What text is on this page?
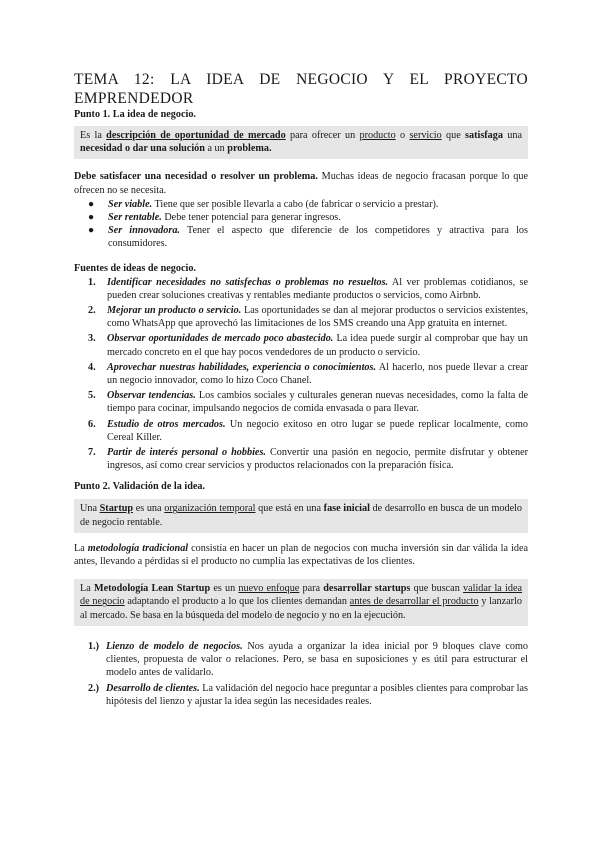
TEMA 12: LA IDEA DE NEGOCIO Y EL PROYECTO
EMPRENDEDOR

Punto 1. La idea de negocio.

Es la descripción de oportunidad de mercado para ofrecer un producto o servicio que satisfaga una necesidad o dar una solución a un problema.

Debe satisfacer una necesidad o resolver un problema. Muchas ideas de negocio fracasan porque lo que ofrecen no se necesita.

● Ser viable. Tiene que ser posible llevarla a cabo (de fabricar o servicio a prestar).
● Ser rentable. Debe tener potencial para generar ingresos.
● Ser innovadora. Tener el aspecto que diferencie de los competidores y atractiva para los consumidores.

Fuentes de ideas de negocio.

1. Identificar necesidades no satisfechas o problemas no resueltos. Al ver problemas cotidianos, se pueden crear soluciones creativas y rentables mediante productos o servicios, como Airbnb.
2. Mejorar un producto o servicio. Las oportunidades se dan al mejorar productos o servicios existentes, como WhatsApp que aprovechó las limitaciones de los SMS creando una App gratuita en internet.
3. Observar oportunidades de mercado poco abastecido. La idea puede surgir al comprobar que hay un mercado concreto en el que hay pocos vendedores de un producto o servicio.
4. Aprovechar nuestras habilidades, experiencia o conocimientos. Al hacerlo, nos puede llevar a crear un negocio innovador, como lo hizo Coco Chanel.
5. Observar tendencias. Los cambios sociales y culturales generan nuevas necesidades, como la falta de tiempo para cocinar, impulsando negocios de comida envasada o para llevar.
6. Estudio de otros mercados. Un negocio exitoso en otro lugar se puede replicar localmente, como Cereal Killer.
7. Partir de interés personal o hobbies. Convertir una pasión en negocio, permite disfrutar y obtener ingresos, así como crear servicios y productos relacionados con la preparación física.

Punto 2. Validación de la idea.

Una Startup es una organización temporal que está en una fase inicial de desarrollo en busca de un modelo de negocio rentable.

La metodología tradicional consistía en hacer un plan de negocios con mucha inversión sin dar válida la idea antes, llevando a pérdidas si el producto no cumplía las expectativas de los clientes.

La Metodología Lean Startup es un nuevo enfoque para desarrollar startups que buscan validar la idea de negocio adaptando el producto a lo que los clientes demandan antes de desarrollar el producto y lanzarlo al mercado. Se basa en la búsqueda del modelo de negocio y no en la ejecución.
1.) Lienzo de modelo de negocios. Nos ayuda a organizar la idea inicial por 9 bloques clave como clientes, propuesta de valor o relaciones. Pero, se basa en suposiciones y es útil para estructurar el modelo antes de validarlo.
2.) Desarrollo de clientes. La validación del negocio hace preguntar a posibles clientes para comprobar las hipótesis del lienzo y ajustar la idea según las necesidades reales.
